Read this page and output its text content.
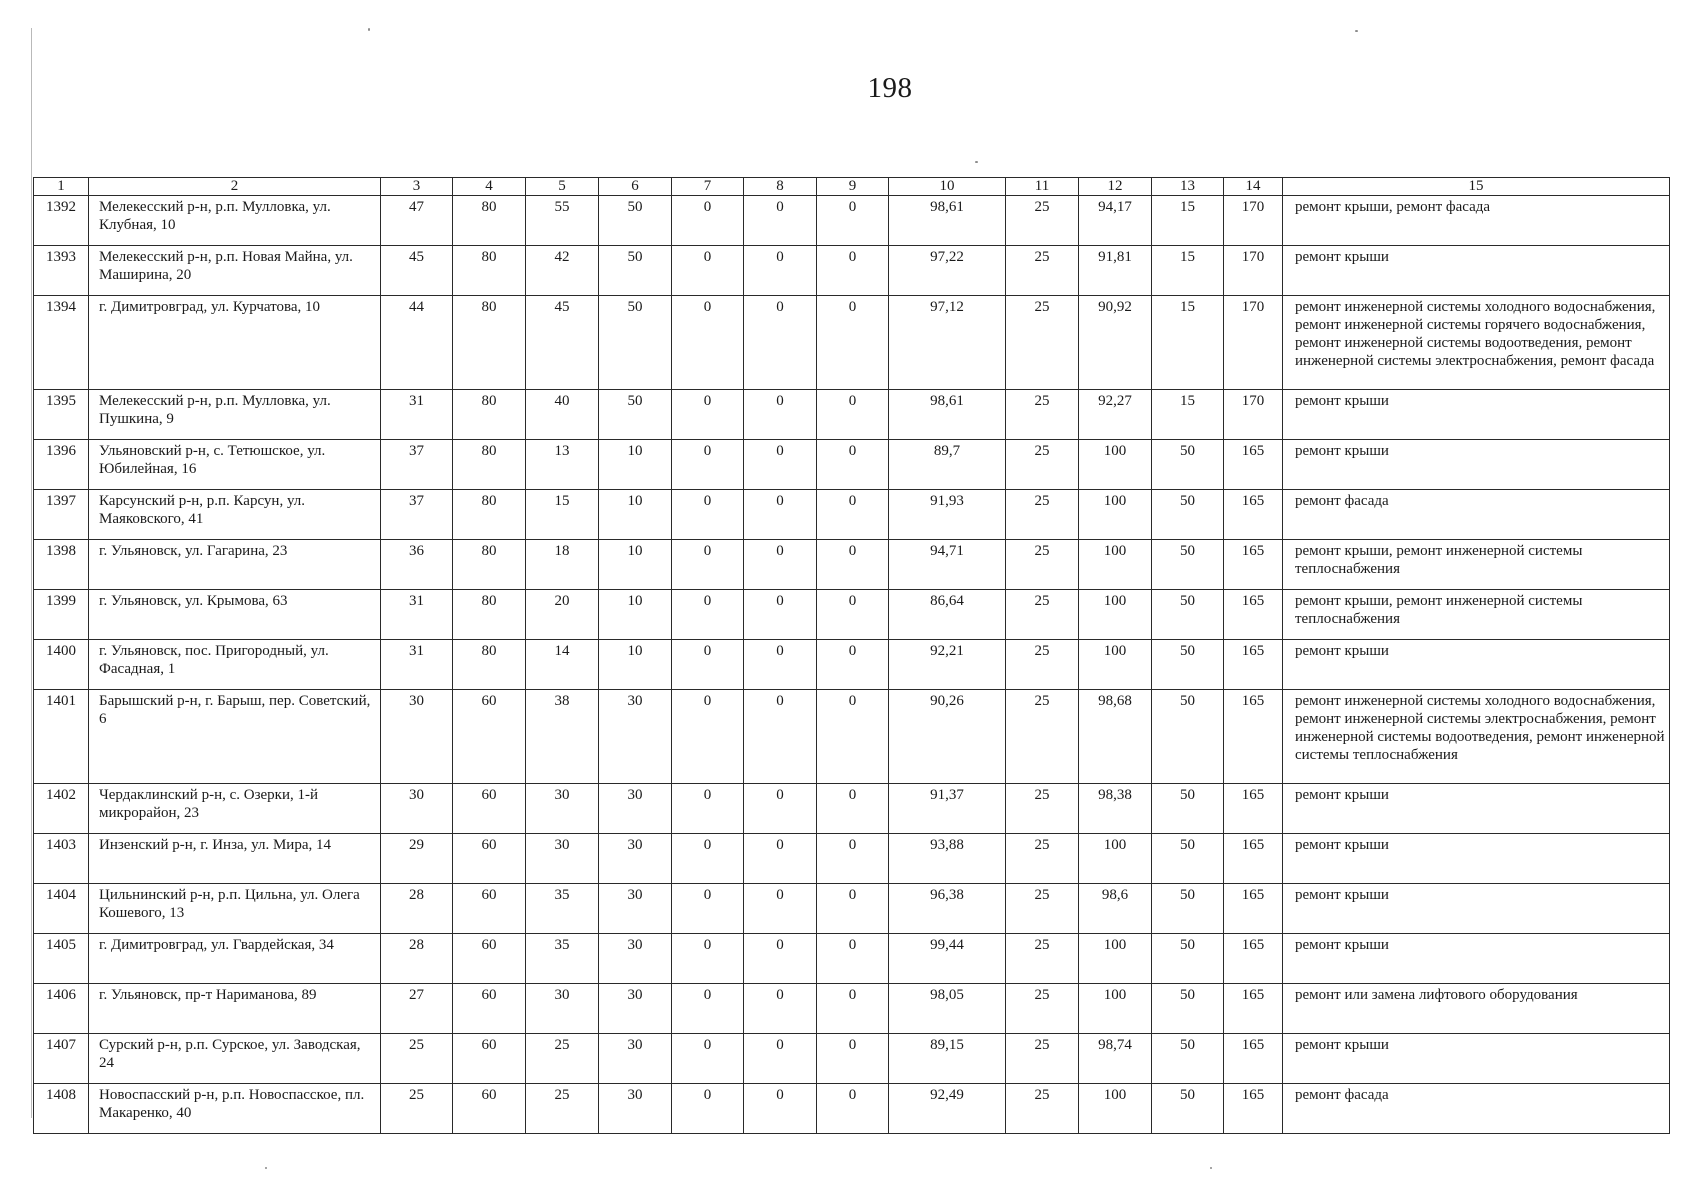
198
1	2	3	4	5	6	7	8	9	10	11	12	13	14	15
1392	Мелекесский р-н, р.п. Мулловка, ул. Клубная, 10	47	80	55	50	0	0	0	98,61	25	94,17	15	170	ремонт крыши, ремонт фасада
1393	Мелекесский р-н, р.п. Новая Майна, ул. Маширина, 20	45	80	42	50	0	0	0	97,22	25	91,81	15	170	ремонт крыши
1394	г. Димитровград, ул. Курчатова, 10	44	80	45	50	0	0	0	97,12	25	90,92	15	170	ремонт инженерной системы холодного водоснабжения, ремонт инженерной системы горячего водоснабжения, ремонт инженерной системы водоотведения, ремонт инженерной системы электроснабжения, ремонт фасада
1395	Мелекесский р-н, р.п. Мулловка, ул. Пушкина, 9	31	80	40	50	0	0	0	98,61	25	92,27	15	170	ремонт крыши
1396	Ульяновский р-н, с. Тетюшское, ул. Юбилейная, 16	37	80	13	10	0	0	0	89,7	25	100	50	165	ремонт крыши
1397	Карсунский р-н, р.п. Карсун, ул. Маяковского, 41	37	80	15	10	0	0	0	91,93	25	100	50	165	ремонт фасада
1398	г. Ульяновск, ул. Гагарина, 23	36	80	18	10	0	0	0	94,71	25	100	50	165	ремонт крыши, ремонт инженерной системы теплоснабжения
1399	г. Ульяновск, ул. Крымова, 63	31	80	20	10	0	0	0	86,64	25	100	50	165	ремонт крыши, ремонт инженерной системы теплоснабжения
1400	г. Ульяновск, пос. Пригородный, ул. Фасадная, 1	31	80	14	10	0	0	0	92,21	25	100	50	165	ремонт крыши
1401	Барышский р-н, г. Барыш, пер. Советский, 6	30	60	38	30	0	0	0	90,26	25	98,68	50	165	ремонт инженерной системы холодного водоснабжения, ремонт инженерной системы электроснабжения, ремонт инженерной системы водоотведения, ремонт инженерной системы теплоснабжения
1402	Чердаклинский р-н, с. Озерки, 1-й микрорайон, 23	30	60	30	30	0	0	0	91,37	25	98,38	50	165	ремонт крыши
1403	Инзенский р-н, г. Инза, ул. Мира, 14	29	60	30	30	0	0	0	93,88	25	100	50	165	ремонт крыши
1404	Цильнинский р-н, р.п. Цильна, ул. Олега Кошевого, 13	28	60	35	30	0	0	0	96,38	25	98,6	50	165	ремонт крыши
1405	г. Димитровград, ул. Гвардейская, 34	28	60	35	30	0	0	0	99,44	25	100	50	165	ремонт крыши
1406	г. Ульяновск, пр-т Нариманова, 89	27	60	30	30	0	0	0	98,05	25	100	50	165	ремонт или замена лифтового оборудования
1407	Сурский р-н, р.п. Сурское, ул. Заводская, 24	25	60	25	30	0	0	0	89,15	25	98,74	50	165	ремонт крыши
1408	Новоспасский р-н, р.п. Новоспасское, пл. Макаренко, 40	25	60	25	30	0	0	0	92,49	25	100	50	165	ремонт фасада
